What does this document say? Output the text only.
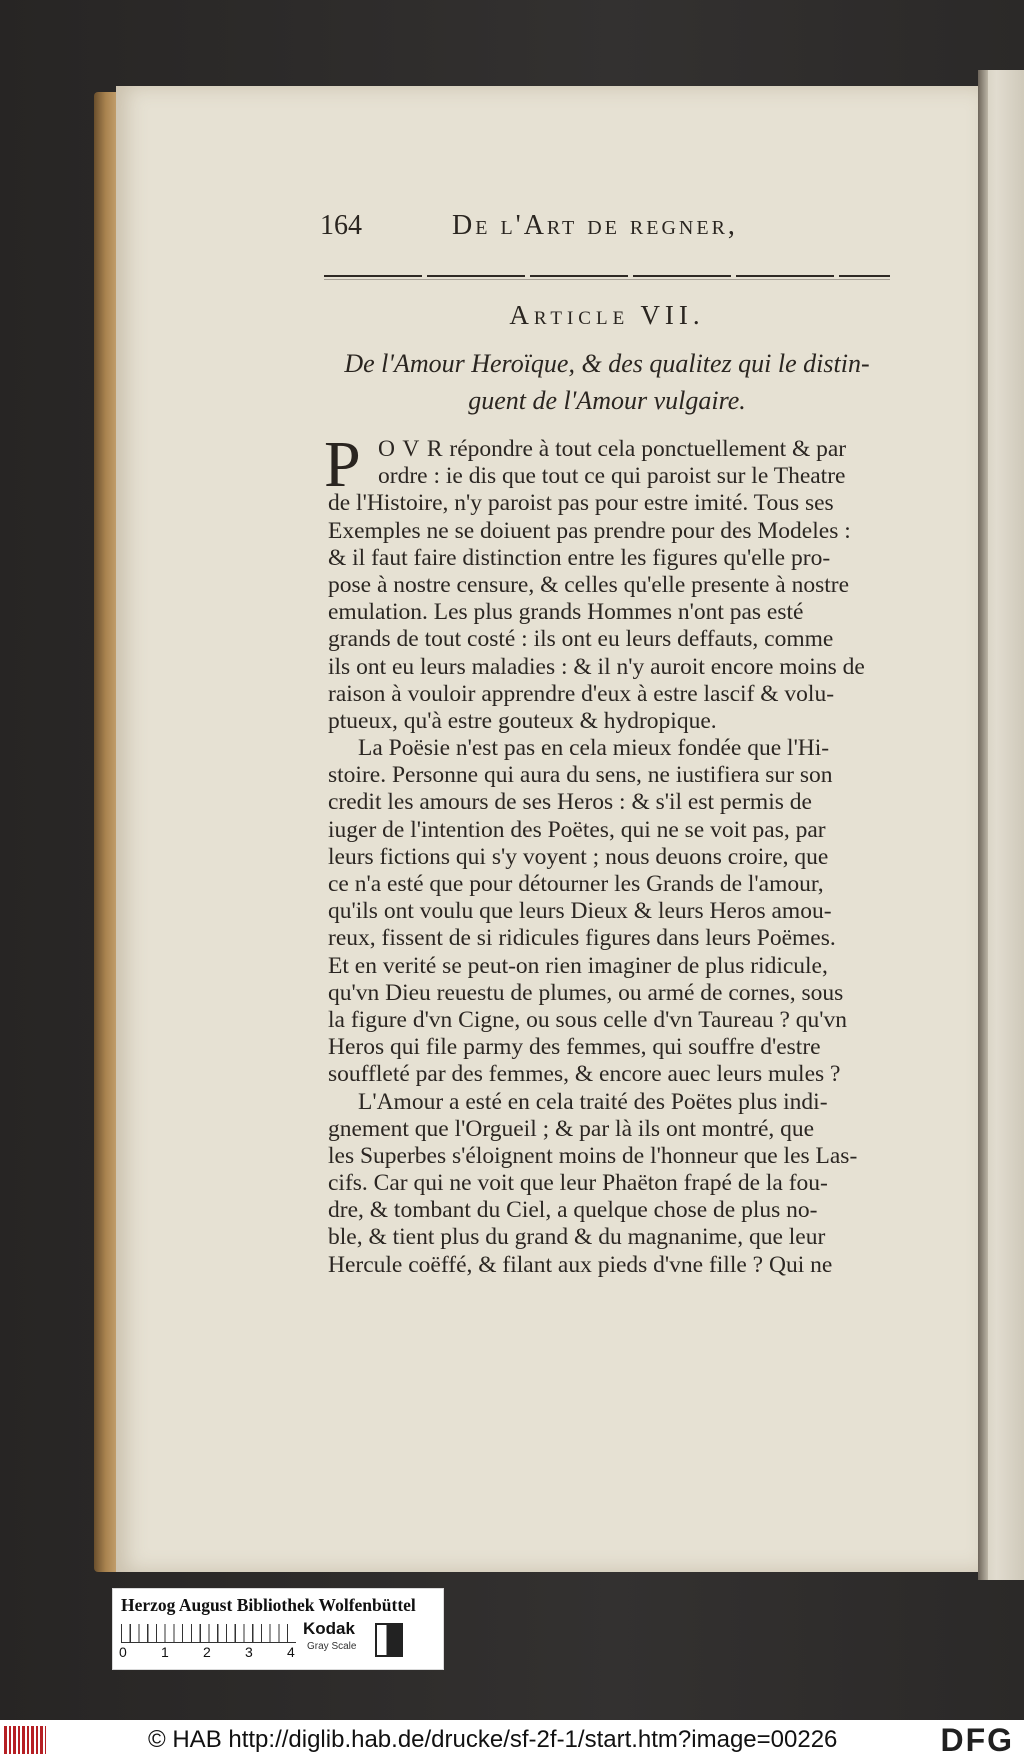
164	De l'Art de regner,
Article VII.

De l'Amour Heroïque, & des qualitez qui le distin-
guent de l'Amour vulgaire.

P O V R répondre à tout cela ponctuellement & par
ordre : ie dis que tout ce qui paroist sur le Theatre
de l'Histoire, n'y paroist pas pour estre imité. Tous ses
Exemples ne se doiuent pas prendre pour des Modeles :
& il faut faire distinction entre les figures qu'elle pro-
pose à nostre censure, & celles qu'elle presente à nostre
emulation. Les plus grands Hommes n'ont pas esté
grands de tout costé : ils ont eu leurs deffauts, comme
ils ont eu leurs maladies : & il n'y auroit encore moins de
raison à vouloir apprendre d'eux à estre lascif & volu-
ptueux, qu'à estre gouteux & hydropique.
La Poësie n'est pas en cela mieux fondée que l'Hi-
stoire. Personne qui aura du sens, ne iustifiera sur son
credit les amours de ses Heros : & s'il est permis de
iuger de l'intention des Poëtes, qui ne se voit pas, par
leurs fictions qui s'y voyent ; nous deuons croire, que
ce n'a esté que pour détourner les Grands de l'amour,
qu'ils ont voulu que leurs Dieux & leurs Heros amou-
reux, fissent de si ridicules figures dans leurs Poëmes.
Et en verité se peut-on rien imaginer de plus ridicule,
qu'vn Dieu reuestu de plumes, ou armé de cornes, sous
la figure d'vn Cigne, ou sous celle d'vn Taureau ? qu'vn
Heros qui file parmy des femmes, qui souffre d'estre
souffleté par des femmes, & encore auec leurs mules ?
L'Amour a esté en cela traité des Poëtes plus indi-
gnement que l'Orgueil ; & par là ils ont montré, que
les Superbes s'éloignent moins de l'honneur que les Las-
cifs. Car qui ne voit que leur Phaëton frapé de la fou-
dre, & tombant du Ciel, a quelque chose de plus no-
ble, & tient plus du grand & du magnanime, que leur
Hercule coëffé, & filant aux pieds d'vne fille ? Qui ne

Herzog August Bibliothek Wolfenbüttel
0 1 2 3 4
Kodak
Gray Scale
© HAB http://diglib.hab.de/drucke/sf-2f-1/start.htm?image=00226	DFG
